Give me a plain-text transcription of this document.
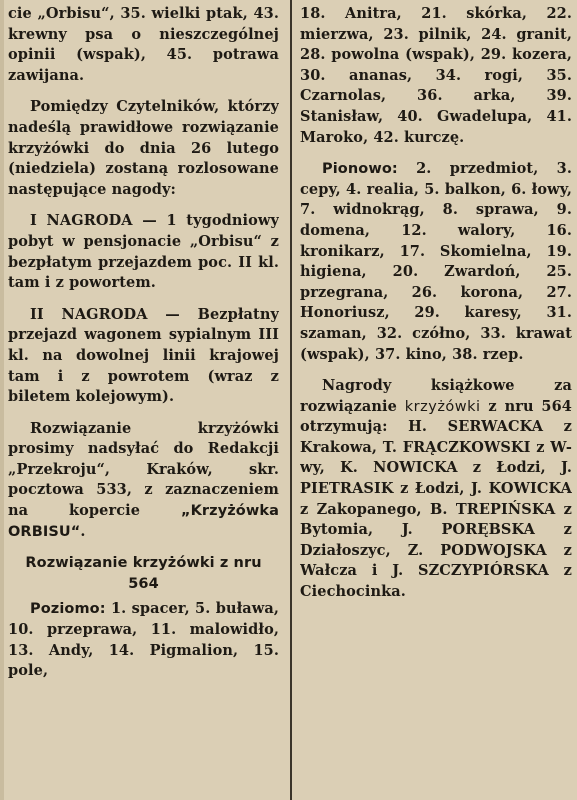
cie „Orbisu“, 35. wielki ptak, 43. krewny psa o nieszczególnej opinii (wspak), 45. potrawa zawijana.

Pomiędzy Czytelników, którzy nadeślą prawidłowe rozwiązanie krzyżówki do dnia 26 lutego (niedziela) zostaną rozlosowane następujące nagody:

I NAGRODA — 1 tygodniowy pobyt w pensjonacie „Orbisu“ z bezpłatym przejazdem poc. II kl. tam i z powortem.

II NAGRODA — Bezpłatny przejazd wagonem sypialnym III kl. na dowolnej linii krajowej tam i z powrotem (wraz z biletem kolejowym).

Rozwiązanie krzyżówki prosimy nadsyłać do Redakcji „Przekroju“, Kraków, skr. pocztowa 533, z zaznaczeniem na kopercie „Krzyżówka ORBISU“.

Rozwiązanie krzyżówki z nru 564

Poziomo: 1. spacer, 5. buława, 10. przeprawa, 11. malowidło, 13. Andy, 14. Pigmalion, 15. pole,

18. Anitra, 21. skórka, 22. mierzwa, 23. pilnik, 24. granit, 28. powolna (wspak), 29. kozera, 30. ananas, 34. rogi, 35. Czarnolas, 36. arka, 39. Stanisław, 40. Gwadelupa, 41. Maroko, 42. kurczę.

Pionowo: 2. przedmiot, 3. cepy, 4. realia, 5. balkon, 6. łowy, 7. widnokrąg, 8. sprawa, 9. domena, 12. walory, 16. kronikarz, 17. Skomielna, 19. higiena, 20. Zwardoń, 25. przegrana, 26. korona, 27. Honoriusz, 29. karesy, 31. szaman, 32. czółno, 33. krawat (wspak), 37. kino, 38. rzep.

Nagrody książkowe za rozwiązanie krzyżówki z nru 564 otrzymują: H. SERWACKA z Krakowa, T. FRĄCZKOWSKI z W-wy, K. NOWICKA z Łodzi, J. PIETRASIK z Łodzi, J. KOWICKA z Zakopanego, B. TREPIŃSKA z Bytomia, J. PORĘBSKA z Działoszyc, Z. PODWOJSKA z Wałcza i J. SZCZYPIÓRSKA z Ciechocinka.
